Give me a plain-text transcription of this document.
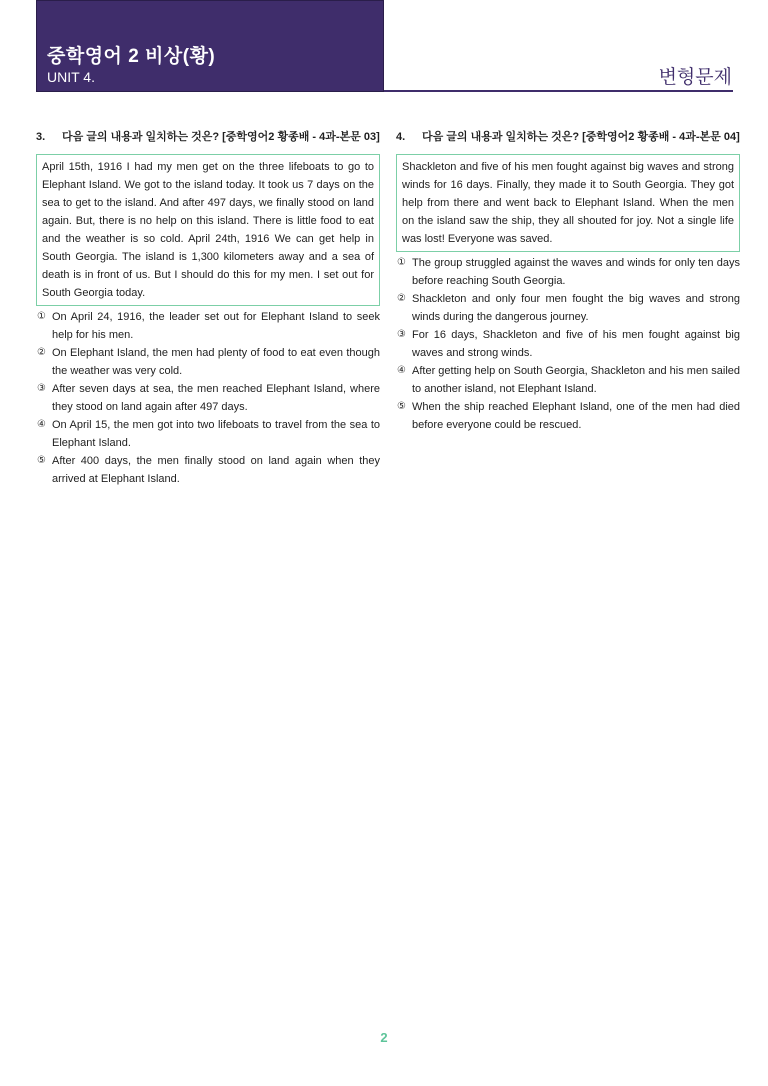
중학영어 2 비상(황)
UNIT 4.	변형문제
3.	다음 글의 내용과 일치하는 것은? [중학영어2 황종배 - 4과-본문 03]
April 15th, 1916 I had my men get on the three lifeboats to go to Elephant Island. We got to the island today. It took us 7 days on the sea to get to the island. And after 497 days, we finally stood on land again. But, there is no help on this island. There is little food to eat and the weather is so cold. April 24th, 1916 We can get help in South Georgia. The island is 1,300 kilometers away and a sea of death is in front of us. But I should do this for my men. I set out for South Georgia today.
① On April 24, 1916, the leader set out for Elephant Island to seek help for his men.
② On Elephant Island, the men had plenty of food to eat even though the weather was very cold.
③ After seven days at sea, the men reached Elephant Island, where they stood on land again after 497 days.
④ On April 15, the men got into two lifeboats to travel from the sea to Elephant Island.
⑤ After 400 days, the men finally stood on land again when they arrived at Elephant Island.
4.	다음 글의 내용과 일치하는 것은? [중학영어2 황종배 - 4과-본문 04]
Shackleton and five of his men fought against big waves and strong winds for 16 days. Finally, they made it to South Georgia. They got help from there and went back to Elephant Island. When the men on the island saw the ship, they all shouted for joy. Not a single life was lost! Everyone was saved.
① The group struggled against the waves and winds for only ten days before reaching South Georgia.
② Shackleton and only four men fought the big waves and strong winds during the dangerous journey.
③ For 16 days, Shackleton and five of his men fought against big waves and strong winds.
④ After getting help on South Georgia, Shackleton and his men sailed to another island, not Elephant Island.
⑤ When the ship reached Elephant Island, one of the men had died before everyone could be rescued.
2
